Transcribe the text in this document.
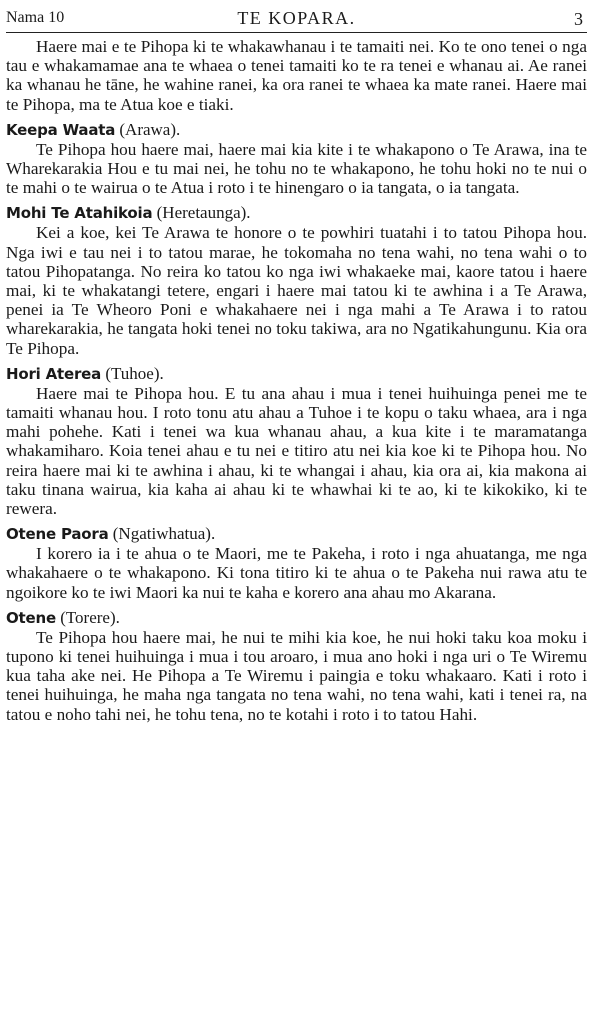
Nama 10	TE KOPARA.	3

Haere mai e te Pihopa ki te whakawhanau i te tamaiti nei. Ko te ono tenei o nga tau e whakamamae ana te whaea o tenei tamaiti ko te ra tenei e whanau ai. Ae ranei ka whanau he tāne, he wahine ranei, ka ora ranei te whaea ka mate ranei. Haere mai te Pihopa, ma te Atua koe e tiaki.

Keepa Waata (Arawa).

Te Pihopa hou haere mai, haere mai kia kite i te whakapono o Te Arawa, ina te Wharekarakia Hou e tu mai nei, he tohu no te whakapono, he tohu hoki no te nui o te mahi o te wairua o te Atua i roto i te hinengaro o ia tangata, o ia tangata.

Mohi Te Atahikoia (Heretaunga).

Kei a koe, kei Te Arawa te honore o te powhiri tuatahi i to tatou Pihopa hou. Nga iwi e tau nei i to tatou marae, he tokomaha no tena wahi, no tena wahi o to tatou Pihopatanga. No reira ko tatou ko nga iwi whakaeke mai, kaore tatou i haere mai, ki te whakatangi tetere, engari i haere mai tatou ki te awhina i a Te Arawa, penei ia Te Wheoro Poni e whakahaere nei i nga mahi a Te Arawa i to ratou wharekarakia, he tangata hoki tenei no toku takiwa, ara no Ngatikahungunu. Kia ora Te Pihopa.

Hori Aterea (Tuhoe).

Haere mai te Pihopa hou. E tu ana ahau i mua i tenei huihuinga penei me te tamaiti whanau hou. I roto tonu atu ahau a Tuhoe i te kopu o taku whaea, ara i nga mahi pohehe. Kati i tenei wa kua whanau ahau, a kua kite i te maramatanga whakamiharo. Koia tenei ahau e tu nei e titiro atu nei kia koe ki te Pihopa hou. No reira haere mai ki te awhina i ahau, ki te whangai i ahau, kia ora ai, kia makona ai taku tinana wairua, kia kaha ai ahau ki te whawhai ki te ao, ki te kikokiko, ki te rewera.

Otene Paora (Ngatiwhatua).

I korero ia i te ahua o te Maori, me te Pakeha, i roto i nga ahuatanga, me nga whakahaere o te whakapono. Ki tona titiro ki te ahua o te Pakeha nui rawa atu te ngoikore ko te iwi Maori ka nui te kaha e korero ana ahau mo Akarana.

Otene (Torere).

Te Pihopa hou haere mai, he nui te mihi kia koe, he nui hoki taku koa moku i tupono ki tenei huihuinga i mua i tou aroaro, i mua ano hoki i nga uri o Te Wiremu kua taha ake nei. He Pihopa a Te Wiremu i paingia e toku whakaaro. Kati i roto i tenei huihuinga, he maha nga tangata no tena wahi, no tena wahi, kati i tenei ra, na tatou e noho tahi nei, he tohu tena, no te kotahi i roto i to tatou Hahi.
